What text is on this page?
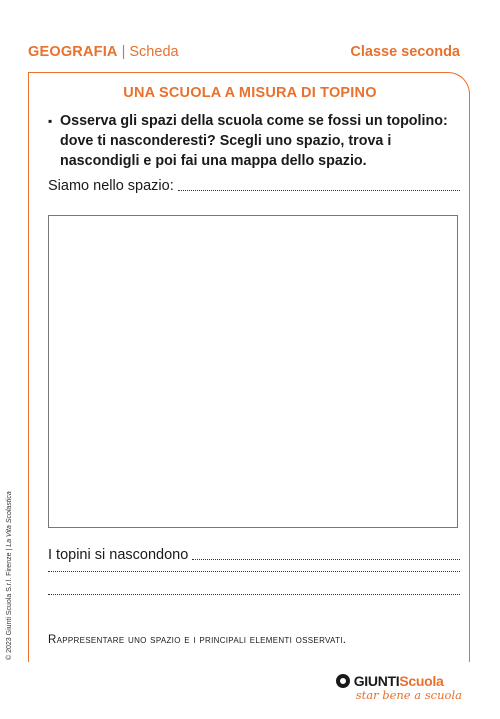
GEOGRAFIA | Scheda	Classe seconda
UNA SCUOLA A MISURA DI TOPINO
▪ Osserva gli spazi della scuola come se fossi un topolino: dove ti nasconderesti? Scegli uno spazio, trova i nascondigli e poi fai una mappa dello spazio.
Siamo nello spazio:
I topini si nascondono
Rappresentare uno spazio e i principali elementi osservati.
© 2023 Giunti Scuola S.r.l. Firenze | La Vita Scolastica
GIUNTI Scuola
star bene a scuola
